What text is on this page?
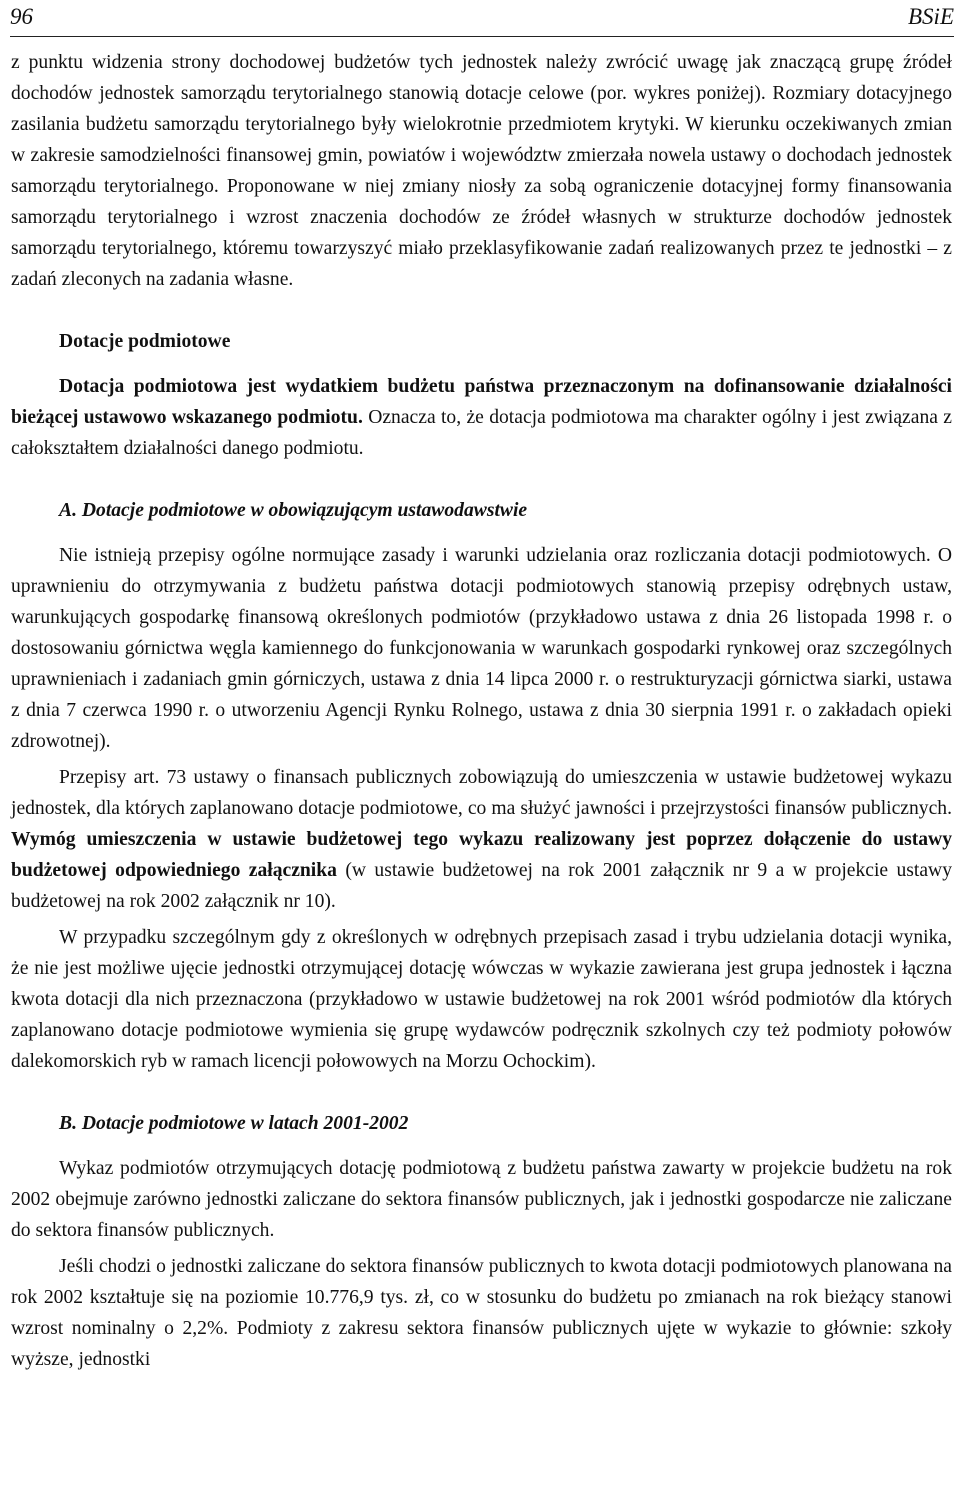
96	BSiE

z punktu widzenia strony dochodowej budżetów tych jednostek należy zwrócić uwagę jak znaczącą grupę źródeł dochodów jednostek samorządu terytorialnego stanowią dotacje celowe (por. wykres poniżej). Rozmiary dotacyjnego zasilania budżetu samorządu terytorialnego były wielokrotnie przedmiotem krytyki. W kierunku oczekiwanych zmian w zakresie samodzielności finansowej gmin, powiatów i województw zmierzała nowela ustawy o dochodach jednostek samorządu terytorialnego. Proponowane w niej zmiany niosły za sobą ograniczenie dotacyjnej formy finansowania samorządu terytorialnego i wzrost znaczenia dochodów ze źródeł własnych w strukturze dochodów jednostek samorządu terytorialnego, któremu towarzyszyć miało przeklasyfikowanie zadań realizowanych przez te jednostki – z zadań zleconych na zadania własne.

Dotacje podmiotowe

Dotacja podmiotowa jest wydatkiem budżetu państwa przeznaczonym na dofinansowanie działalności bieżącej ustawowo wskazanego podmiotu. Oznacza to, że dotacja podmiotowa ma charakter ogólny i jest związana z całokształtem działalności danego podmiotu.

A. Dotacje podmiotowe w obowiązującym ustawodawstwie

Nie istnieją przepisy ogólne normujące zasady i warunki udzielania oraz rozliczania dotacji podmiotowych. O uprawnieniu do otrzymywania z budżetu państwa dotacji podmiotowych stanowią przepisy odrębnych ustaw, warunkujących gospodarkę finansową określonych podmiotów (przykładowo ustawa z dnia 26 listopada 1998 r. o dostosowaniu górnictwa węgla kamiennego do funkcjonowania w warunkach gospodarki rynkowej oraz szczególnych uprawnieniach i zadaniach gmin górniczych, ustawa z dnia 14 lipca 2000 r. o restrukturyzacji górnictwa siarki, ustawa z dnia 7 czerwca 1990 r. o utworzeniu Agencji Rynku Rolnego, ustawa z dnia 30 sierpnia 1991 r. o zakładach opieki zdrowotnej).

Przepisy art. 73 ustawy o finansach publicznych zobowiązują do umieszczenia w ustawie budżetowej wykazu jednostek, dla których zaplanowano dotacje podmiotowe, co ma służyć jawności i przejrzystości finansów publicznych. Wymóg umieszczenia w ustawie budżetowej tego wykazu realizowany jest poprzez dołączenie do ustawy budżetowej odpowiedniego załącznika (w ustawie budżetowej na rok 2001 załącznik nr 9 a w projekcie ustawy budżetowej na rok 2002 załącznik nr 10).

W przypadku szczególnym gdy z określonych w odrębnych przepisach zasad i trybu udzielania dotacji wynika, że nie jest możliwe ujęcie jednostki otrzymującej dotację wówczas w wykazie zawierana jest grupa jednostek i łączna kwota dotacji dla nich przeznaczona (przykładowo w ustawie budżetowej na rok 2001 wśród podmiotów dla których zaplanowano dotacje podmiotowe wymienia się grupę wydawców podręcznik szkolnych czy też podmioty połowów dalekomorskich ryb w ramach licencji połowowych na Morzu Ochockim).

B. Dotacje podmiotowe w latach 2001-2002

Wykaz podmiotów otrzymujących dotację podmiotową z budżetu państwa zawarty w projekcie budżetu na rok 2002 obejmuje zarówno jednostki zaliczane do sektora finansów publicznych, jak i jednostki gospodarcze nie zaliczane do sektora finansów publicznych.

Jeśli chodzi o jednostki zaliczane do sektora finansów publicznych to kwota dotacji podmiotowych planowana na rok 2002 kształtuje się na poziomie 10.776,9 tys. zł, co w stosunku do budżetu po zmianach na rok bieżący stanowi wzrost nominalny o 2,2%. Podmioty z zakresu sektora finansów publicznych ujęte w wykazie to głównie: szkoły wyższe, jednostki
